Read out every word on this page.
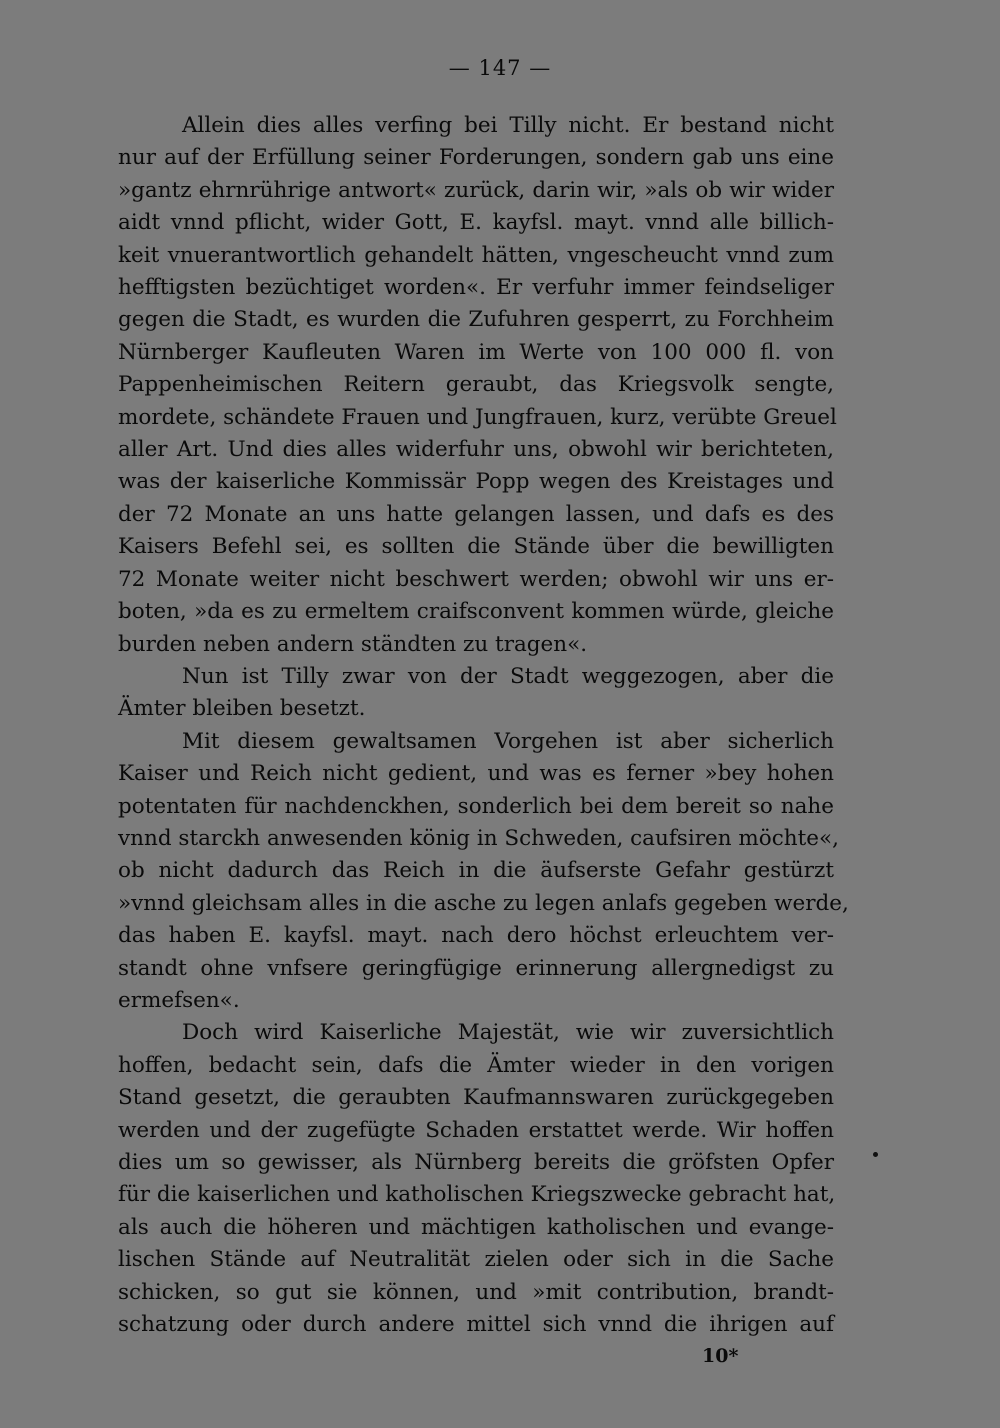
— 147 —
Allein dies alles verfing bei Tilly nicht. Er bestand nicht
nur auf der Erfüllung seiner Forderungen, sondern gab uns eine
»gantz ehrnrührige antwort« zurück, darin wir, »als ob wir wider
aidt vnnd pflicht, wider Gott, E. kayfsl. mayt. vnnd alle billich-
keit vnuerantwortlich gehandelt hätten, vngescheucht vnnd zum
hefftigsten bezüchtiget worden«. Er verfuhr immer feindseliger
gegen die Stadt, es wurden die Zufuhren gesperrt, zu Forchheim
Nürnberger Kaufleuten Waren im Werte von 100 000 fl. von
Pappenheimischen Reitern geraubt, das Kriegsvolk sengte,
mordete, schändete Frauen und Jungfrauen, kurz, verübte Greuel
aller Art. Und dies alles widerfuhr uns, obwohl wir berichteten,
was der kaiserliche Kommissär Popp wegen des Kreistages und
der 72 Monate an uns hatte gelangen lassen, und dafs es des
Kaisers Befehl sei, es sollten die Stände über die bewilligten
72 Monate weiter nicht beschwert werden; obwohl wir uns er-
boten, »da es zu ermeltem craifsconvent kommen würde, gleiche
burden neben andern ständten zu tragen«.
Nun ist Tilly zwar von der Stadt weggezogen, aber die
Ämter bleiben besetzt.
Mit diesem gewaltsamen Vorgehen ist aber sicherlich
Kaiser und Reich nicht gedient, und was es ferner »bey hohen
potentaten für nachdenckhen, sonderlich bei dem bereit so nahe
vnnd starckh anwesenden könig in Schweden, caufsiren möchte«,
ob nicht dadurch das Reich in die äufserste Gefahr gestürzt
»vnnd gleichsam alles in die asche zu legen anlafs gegeben werde,
das haben E. kayfsl. mayt. nach dero höchst erleuchtem ver-
standt ohne vnfsere geringfügige erinnerung allergnedigst zu
ermefsen«.
Doch wird Kaiserliche Majestät, wie wir zuversichtlich
hoffen, bedacht sein, dafs die Ämter wieder in den vorigen
Stand gesetzt, die geraubten Kaufmannswaren zurückgegeben
werden und der zugefügte Schaden erstattet werde. Wir hoffen
dies um so gewisser, als Nürnberg bereits die gröfsten Opfer
für die kaiserlichen und katholischen Kriegszwecke gebracht hat,
als auch die höheren und mächtigen katholischen und evange-
lischen Stände auf Neutralität zielen oder sich in die Sache
schicken, so gut sie können, und »mit contribution, brandt-
schatzung oder durch andere mittel sich vnnd die ihrigen auf
10*
